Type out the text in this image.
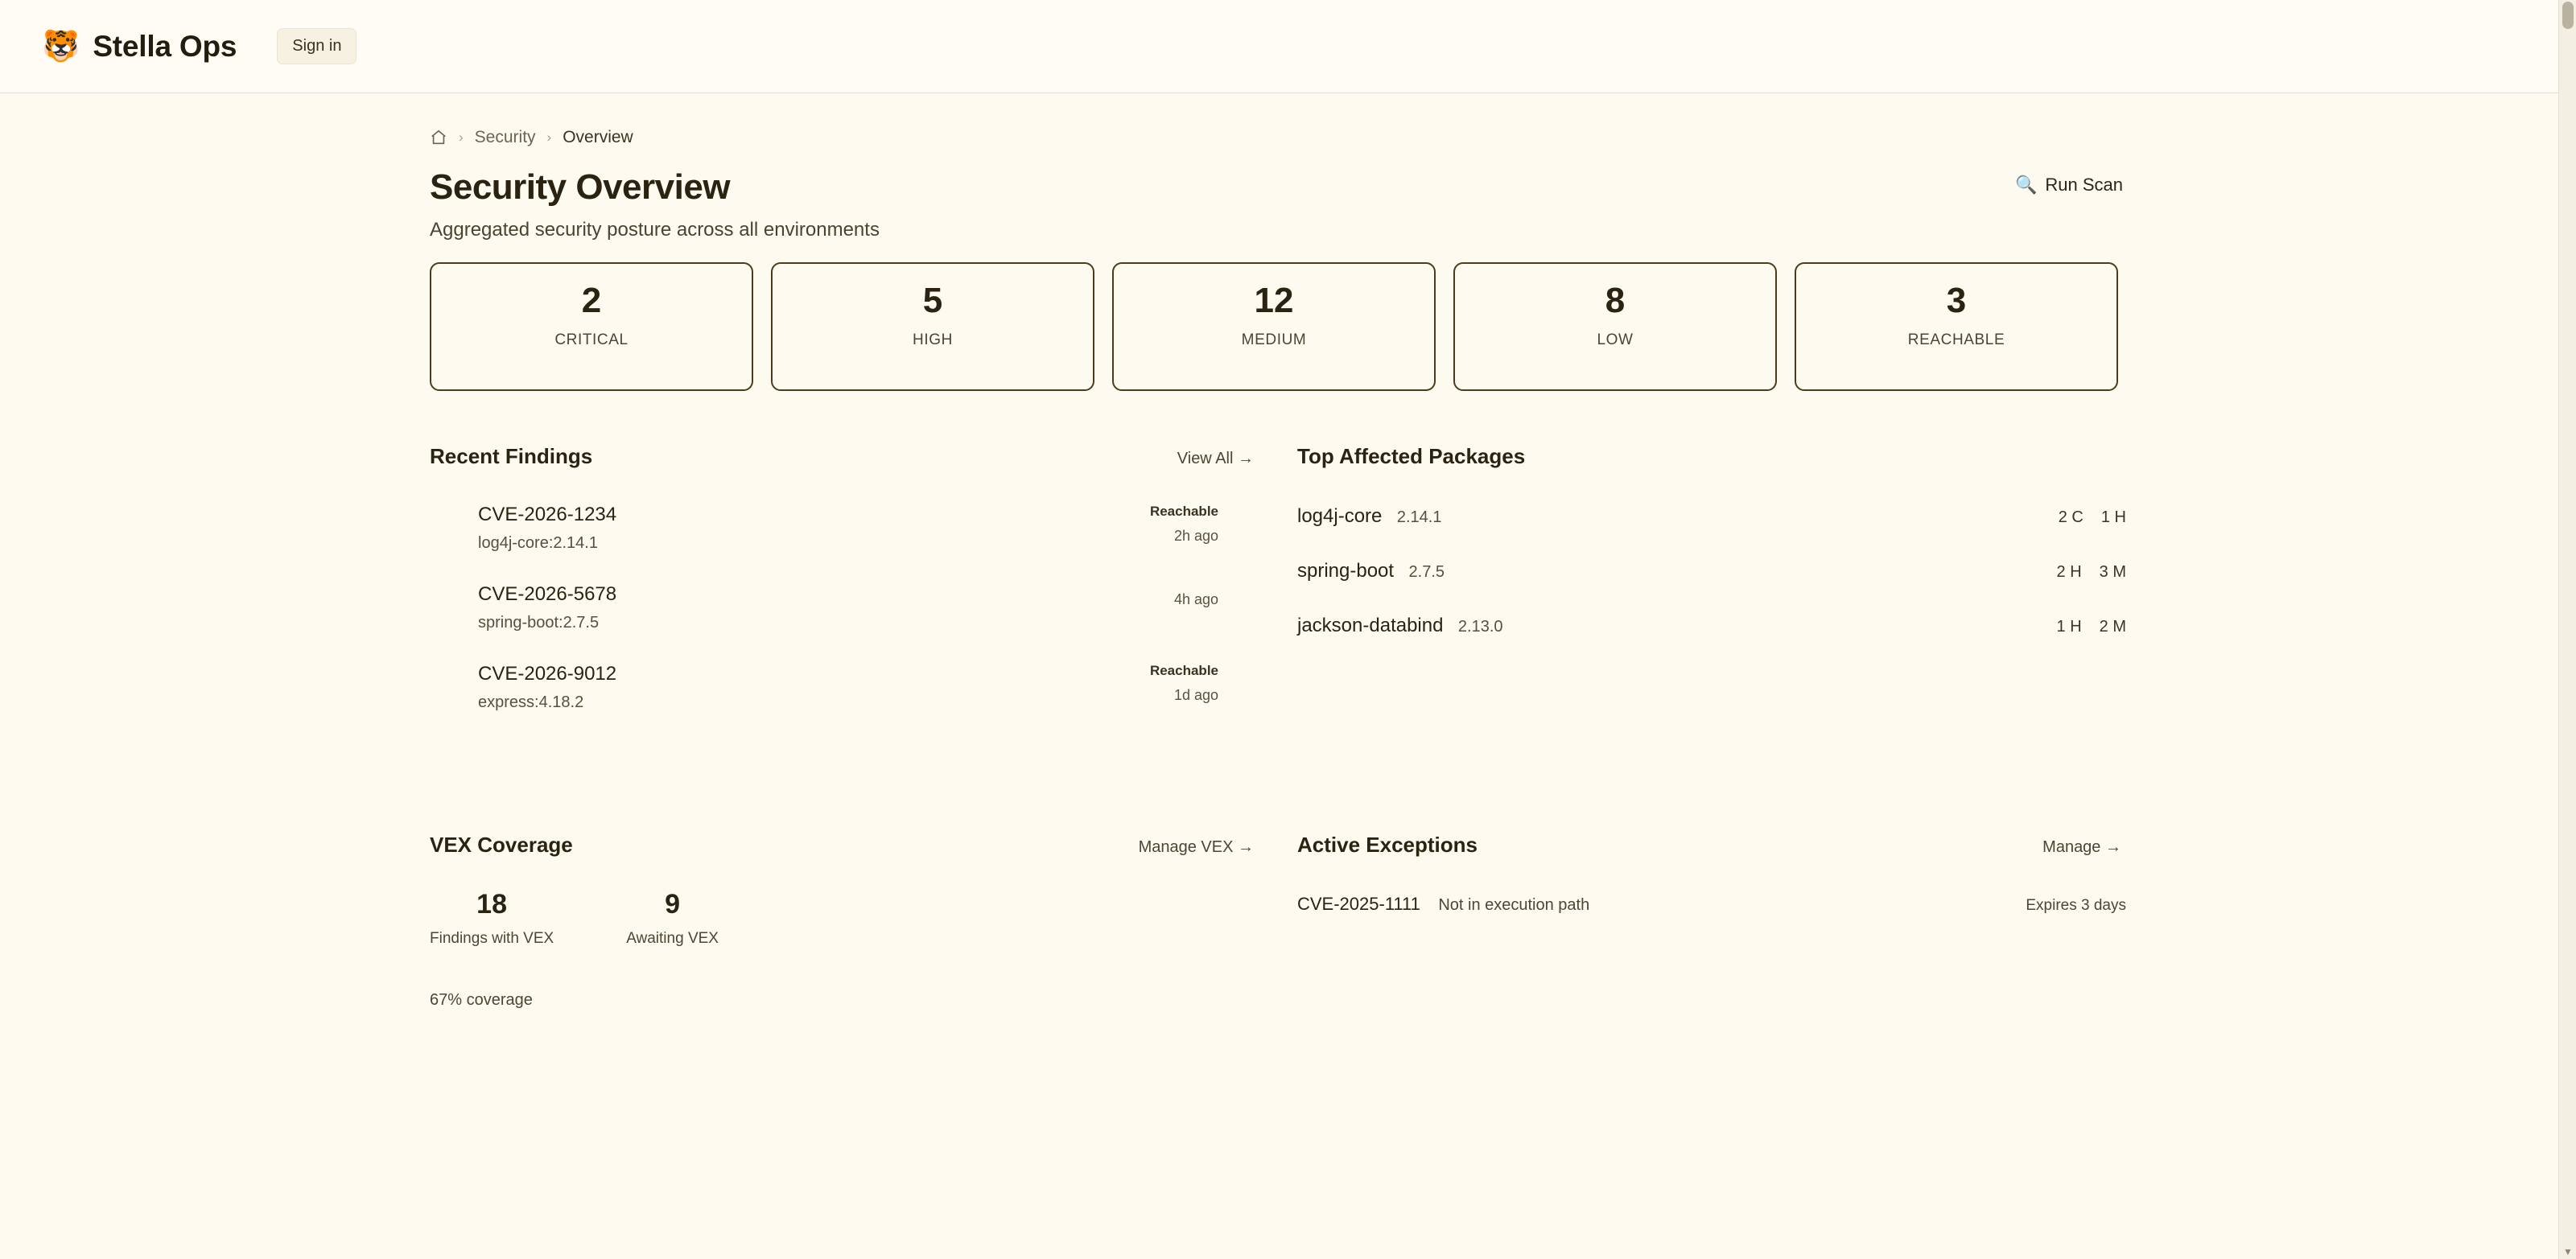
🐯 Stella Ops	Sign in
› Security › Overview
Security Overview
Aggregated security posture across all environments
🔍 Run Scan
2
CRITICAL
5
HIGH
12
MEDIUM
8
LOW
3
REACHABLE
Recent Findings	View All →
CVE-2026-1234
log4j-core:2.14.1
Reachable
2h ago
CVE-2026-5678
spring-boot:2.7.5
4h ago
CVE-2026-9012
express:4.18.2
Reachable
1d ago
Top Affected Packages
log4j-core 2.14.1	2 C 1 H
spring-boot 2.7.5	2 H 3 M
jackson-databind 2.13.0	1 H 2 M
VEX Coverage	Manage VEX →
18
Findings with VEX
9
Awaiting VEX
67% coverage
Active Exceptions	Manage →
CVE-2025-1111 Not in execution path	Expires 3 days
▼
